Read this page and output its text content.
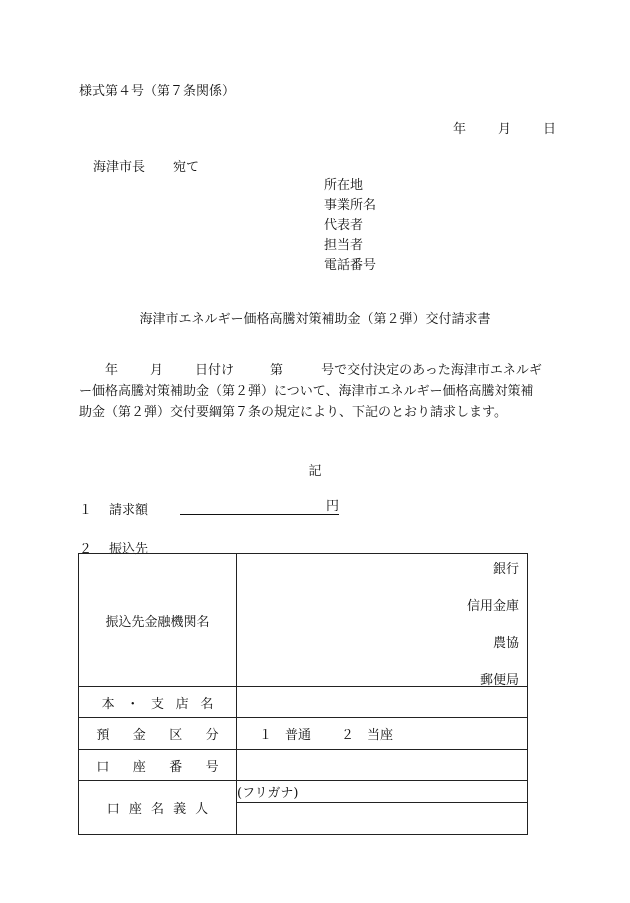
様式第４号（第７条関係）
年 月 日
海津市長 宛て
所在地
事業所名
代表者
担当者
電話番号
海津市エネルギー価格高騰対策補助金（第２弾）交付請求書
年 月 日付け	第	号で交付決定のあった海津市エネルギー価格高騰対策補助金（第２弾）について、海津市エネルギー価格高騰対策補助金（第２弾）交付要綱第７条の規定により、下記のとおり請求します。
記
１ 請求額	円
２ 振込先
振込先金融機関名	銀行
信用金庫
農協
郵便局

本・支店名	
預金区分	１　普通 ２　当座
口座番号	
口座名義人	(フリガナ)
